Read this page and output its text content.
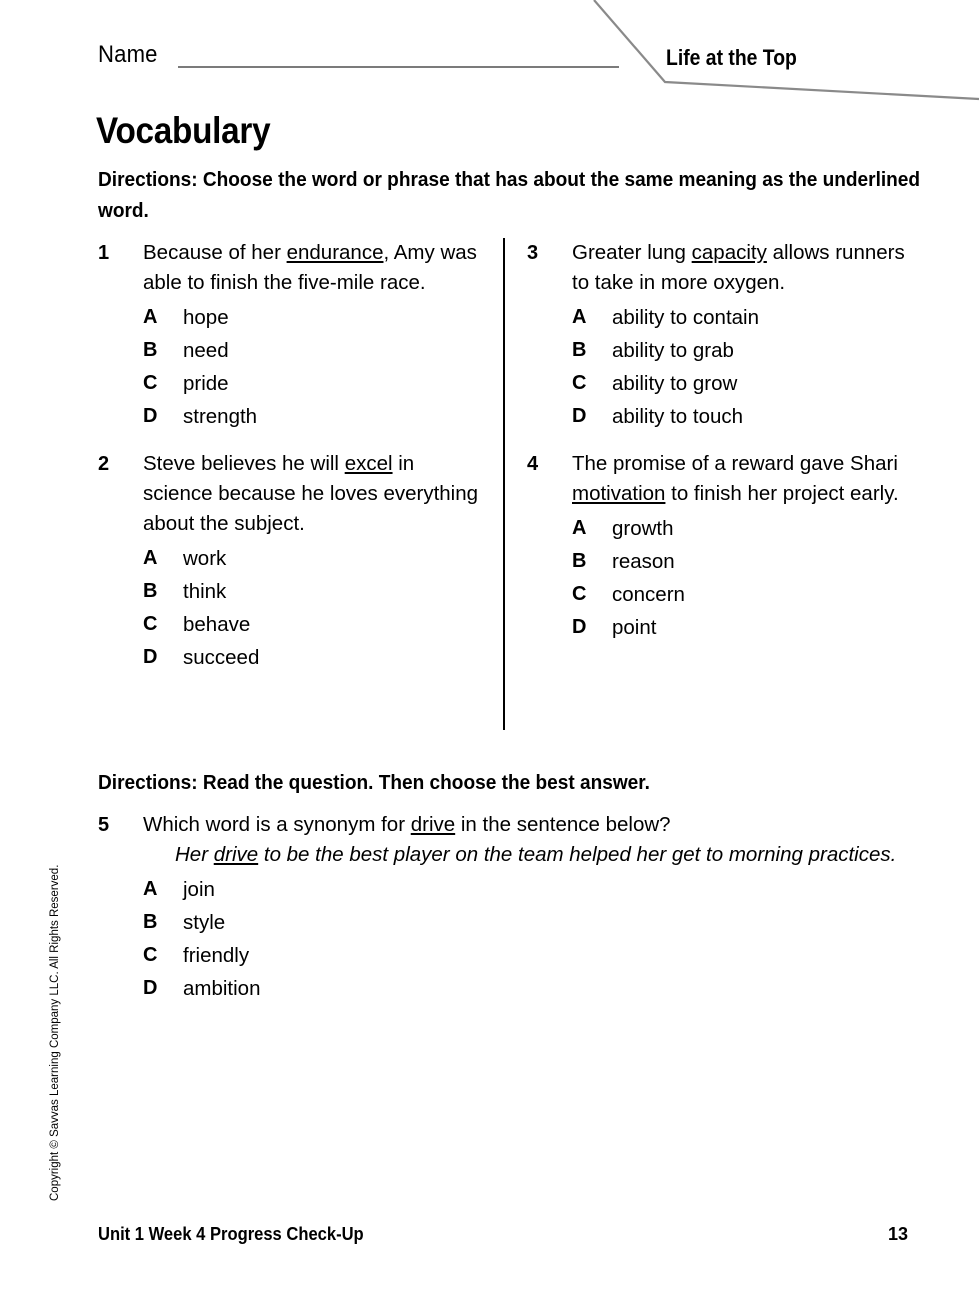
Name	Life at the Top
Vocabulary
Directions: Choose the word or phrase that has about the same meaning as the underlined word.
1	Because of her endurance, Amy was able to finish the five-mile race.
A	hope
B	need
C	pride
D	strength
2	Steve believes he will excel in science because he loves everything about the subject.
A	work
B	think
C	behave
D	succeed
3	Greater lung capacity allows runners to take in more oxygen.
A	ability to contain
B	ability to grab
C	ability to grow
D	ability to touch
4	The promise of a reward gave Shari motivation to finish her project early.
A	growth
B	reason
C	concern
D	point
Directions: Read the question. Then choose the best answer.
5	Which word is a synonym for drive in the sentence below?
Her drive to be the best player on the team helped her get to morning practices.
A	join
B	style
C	friendly
D	ambition
Copyright © Savvas Learning Company LLC. All Rights Reserved.
Unit 1 Week 4 Progress Check-Up	13
